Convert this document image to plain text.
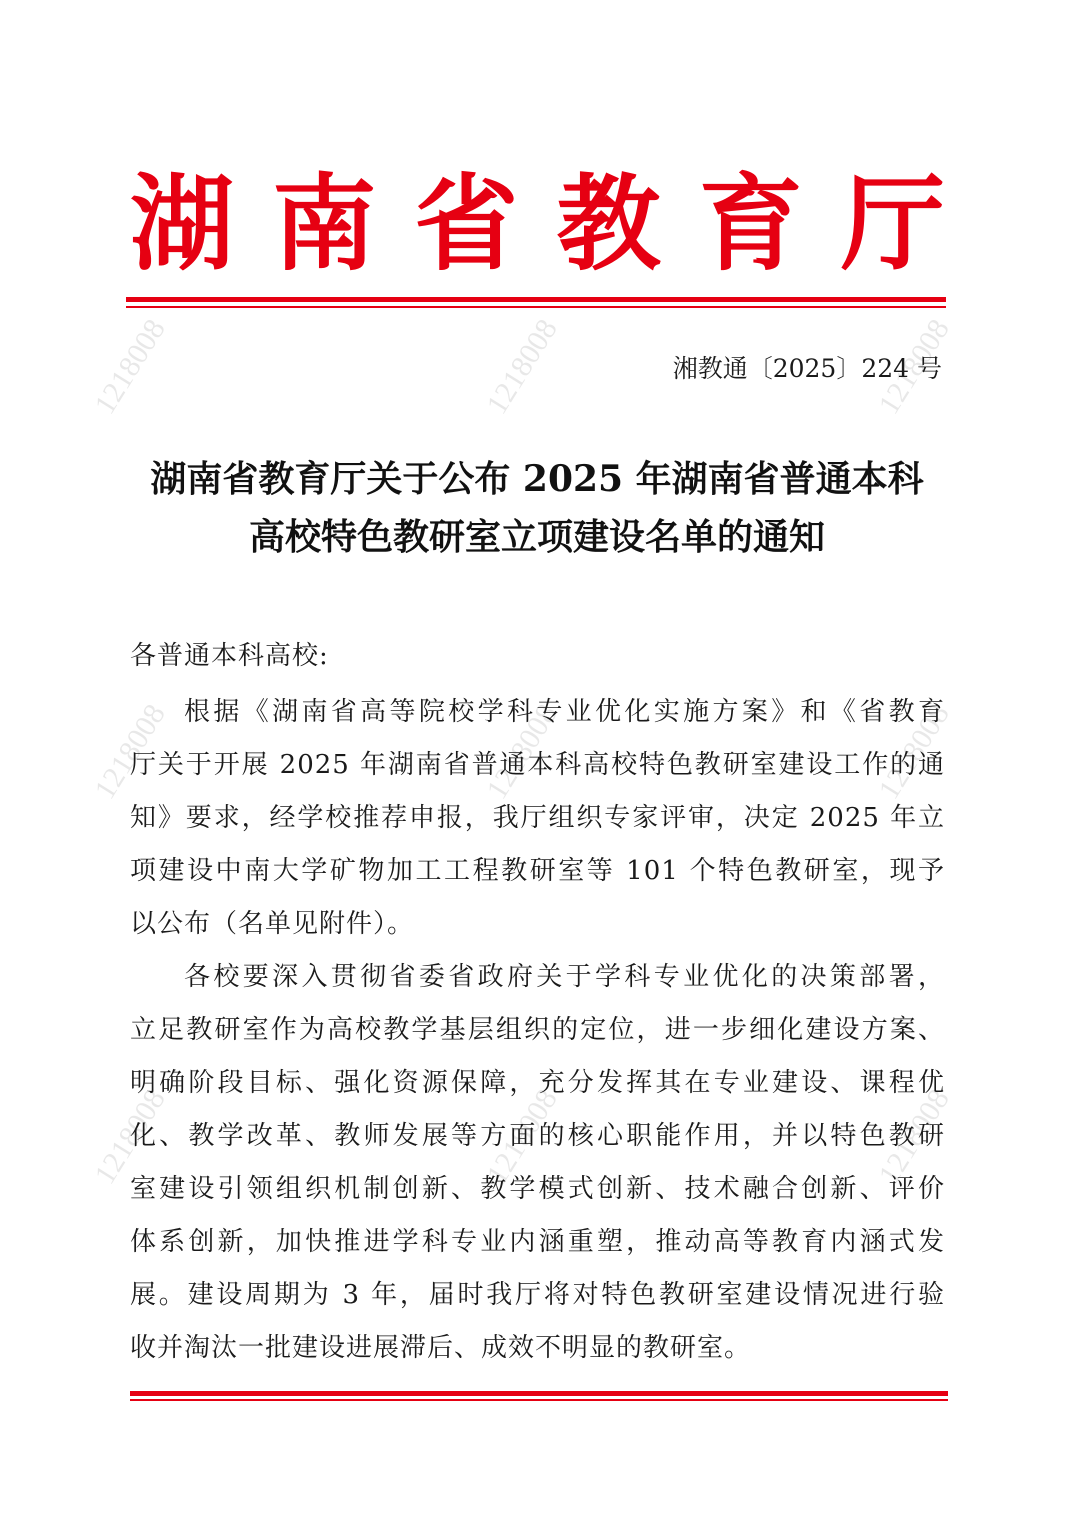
1218008	1218008	1218008
1218008	1218008	1218008
1218008	1218008	1218008
湖 南 省 教 育 厅
湘教通〔2025〕224 号
湖南省教育厅关于公布 2025 年湖南省普通本科
高校特色教研室立项建设名单的通知
各普通本科高校:
根据《湖南省高等院校学科专业优化实施方案》和《省教育
厅关于开展 2025 年湖南省普通本科高校特色教研室建设工作的通
知》要求，经学校推荐申报，我厅组织专家评审，决定 2025 年立
项建设中南大学矿物加工工程教研室等 101 个特色教研室，现予
以公布（名单见附件）。
各校要深入贯彻省委省政府关于学科专业优化的决策部署，
立足教研室作为高校教学基层组织的定位，进一步细化建设方案、
明确阶段目标、强化资源保障，充分发挥其在专业建设、课程优
化、教学改革、教师发展等方面的核心职能作用，并以特色教研
室建设引领组织机制创新、教学模式创新、技术融合创新、评价
体系创新，加快推进学科专业内涵重塑，推动高等教育内涵式发
展。建设周期为 3 年，届时我厅将对特色教研室建设情况进行验
收并淘汰一批建设进展滞后、成效不明显的教研室。
